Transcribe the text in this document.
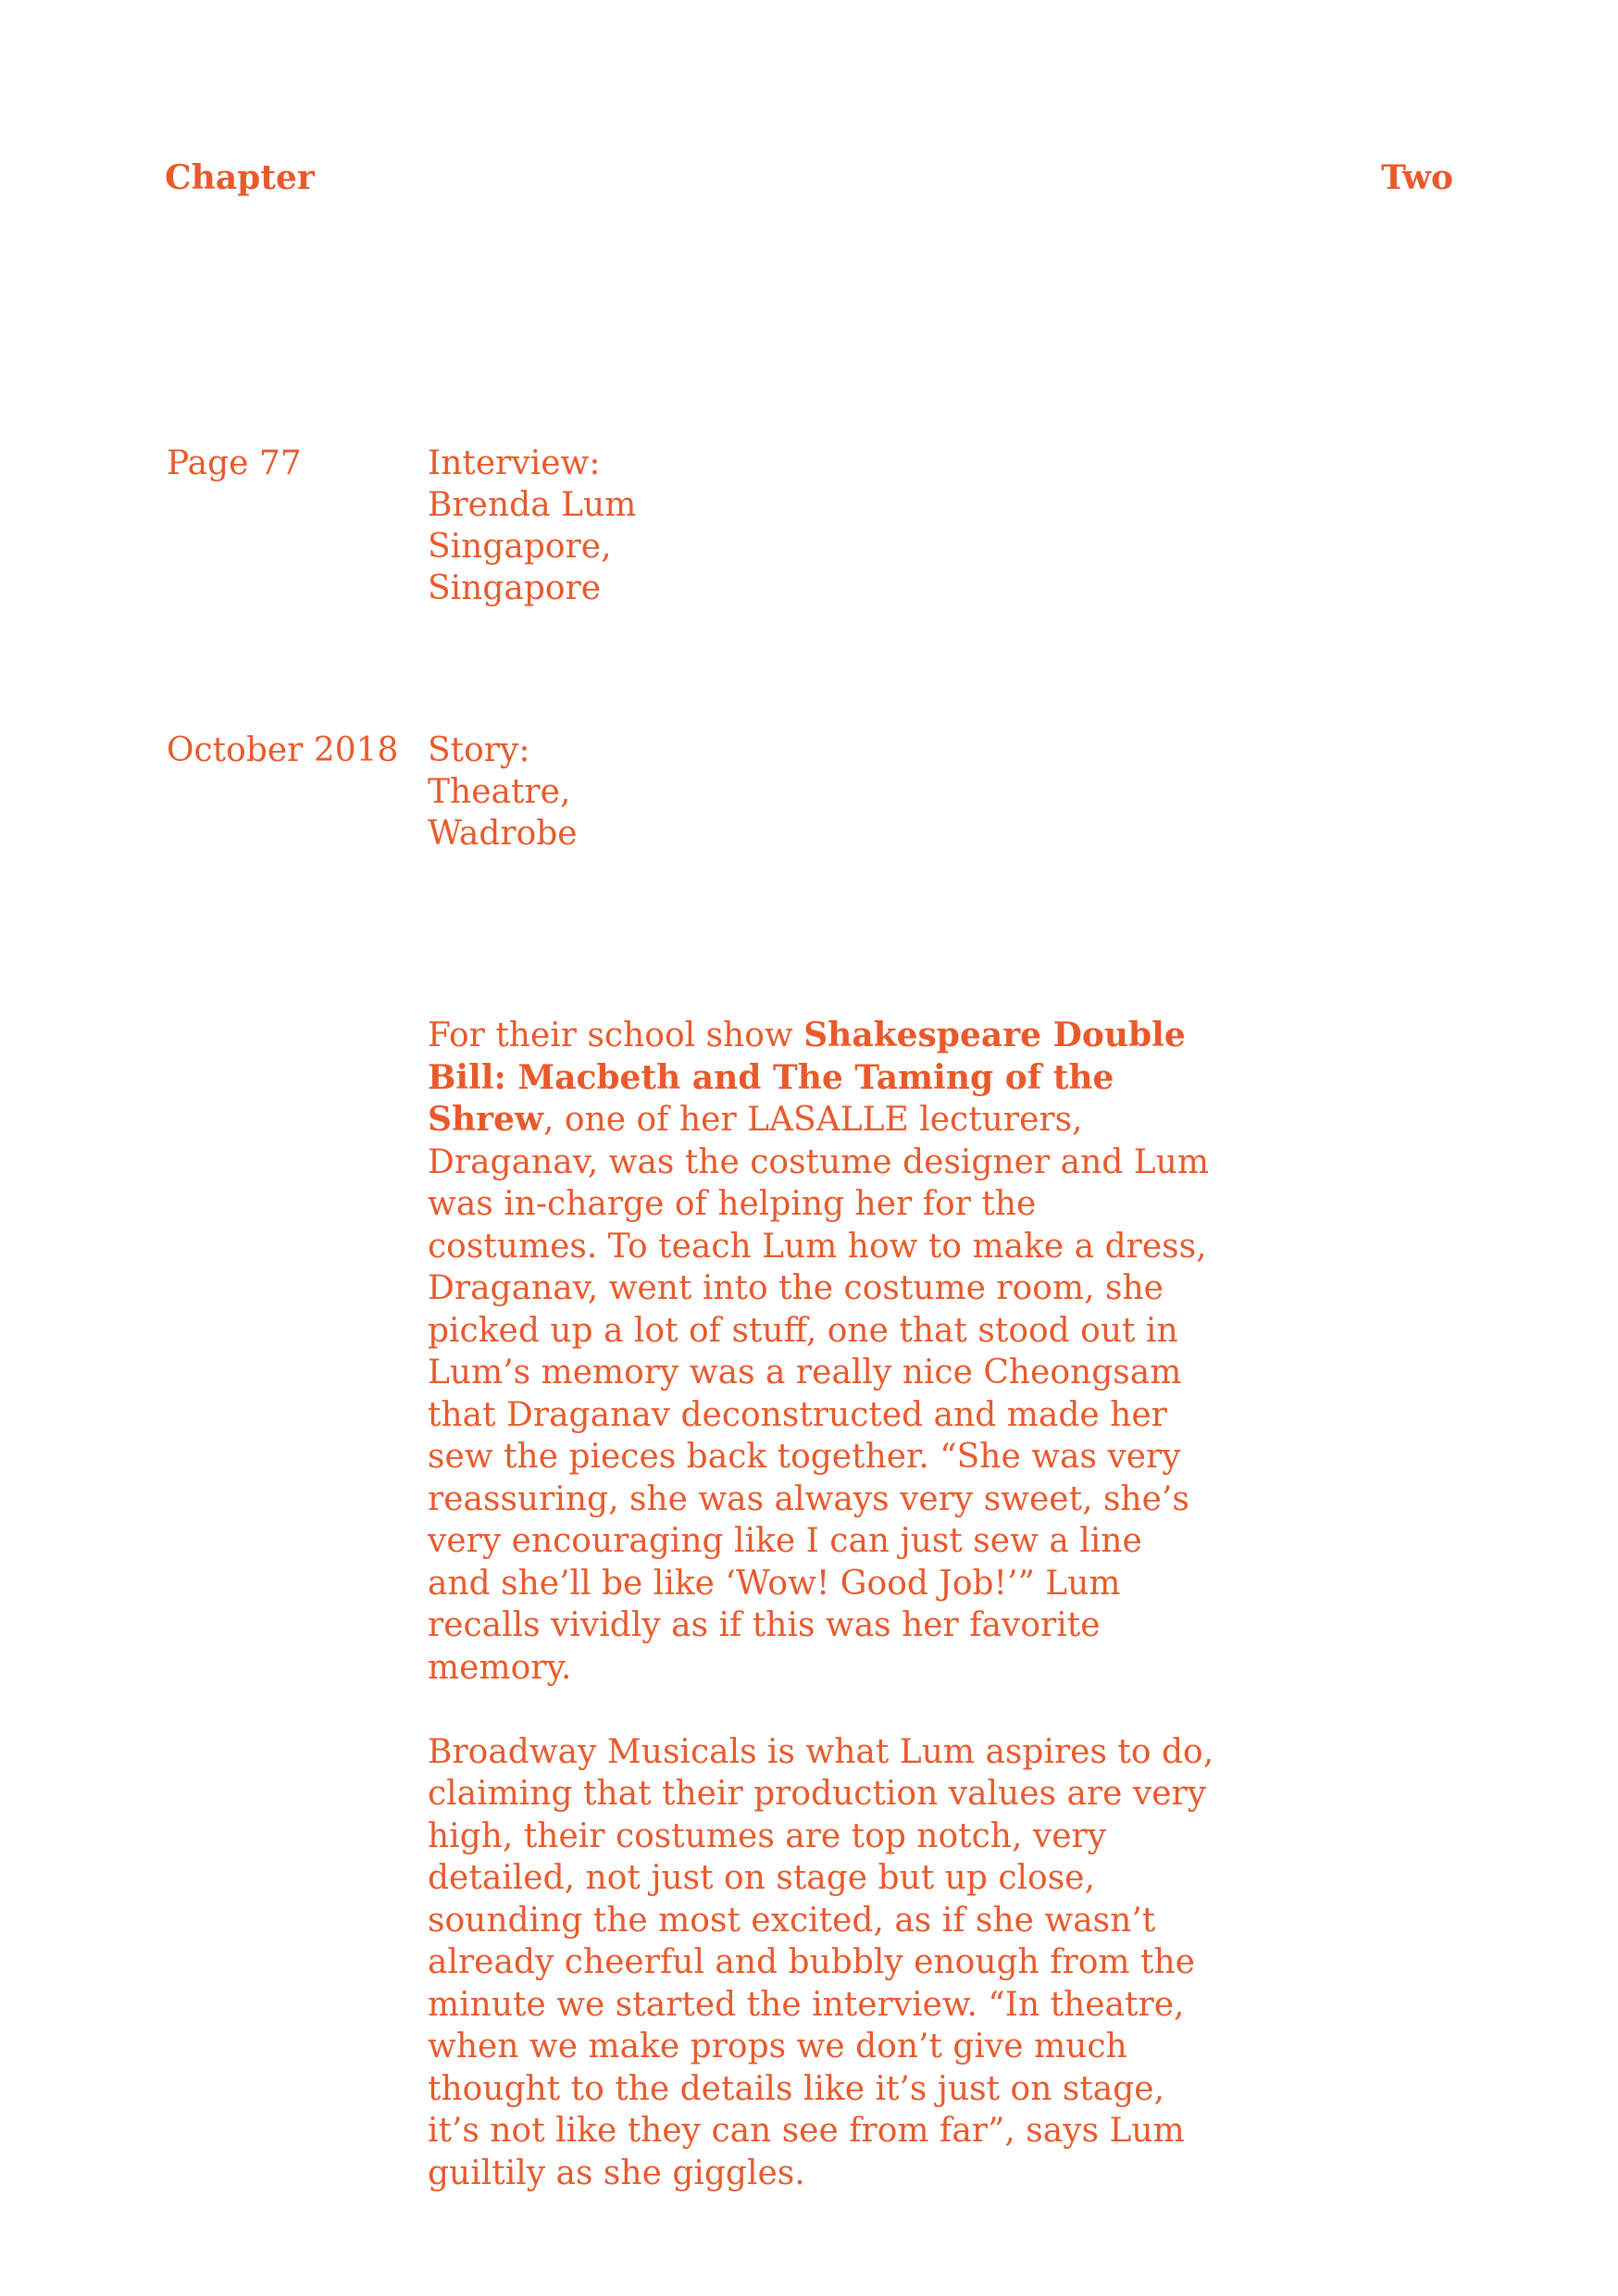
Chapter	Two
Page 77	Interview:
Brenda Lum
Singapore,
Singapore
October 2018 Story:
Theatre,
Wadrobe

For their school show Shakespeare Double Bill: Macbeth and The Taming of the Shrew, one of her LASALLE lecturers, Draganav, was the costume designer and Lum was in-charge of helping her for the costumes. To teach Lum how to make a dress, Draganav, went into the costume room, she picked up a lot of stuff, one that stood out in Lum’s memory was a really nice Cheongsam that Draganav deconstructed and made her sew the pieces back together. “She was very reassuring, she was always very sweet, she’s very encouraging like I can just sew a line and she’ll be like ‘Wow! Good Job!’” Lum recalls vividly as if this was her favorite memory.

Broadway Musicals is what Lum aspires to do, claiming that their production values are very high, their costumes are top notch, very detailed, not just on stage but up close, sounding the most excited, as if she wasn’t already cheerful and bubbly enough from the minute we started the interview. “In theatre, when we make props we don’t give much thought to the details like it’s just on stage, it’s not like they can see from far”, says Lum guiltily as she giggles.
